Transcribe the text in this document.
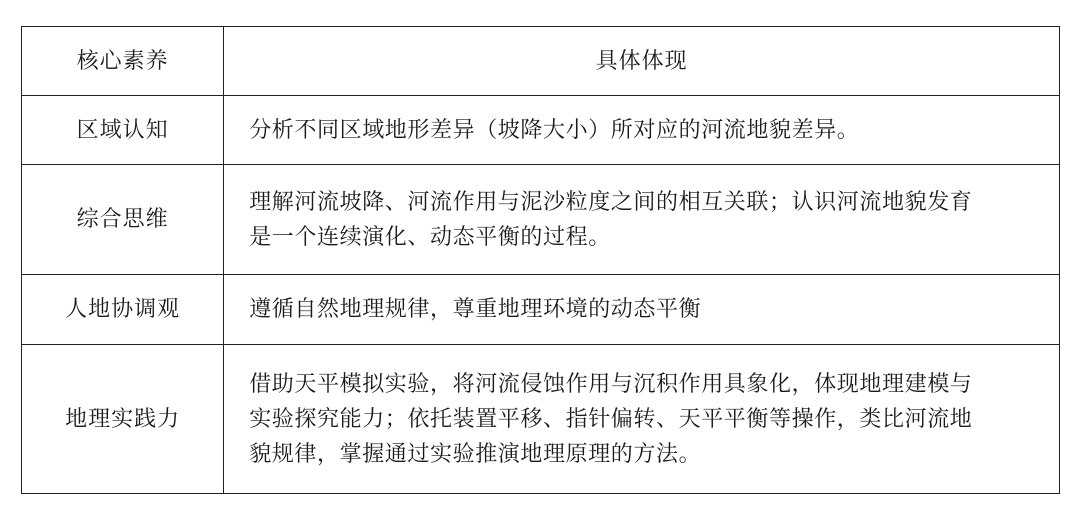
核心素养	具体体现
区域认知	分析不同区域地形差异（坡降大小）所对应的河流地貌差异。

综合思维	理解河流坡降、河流作用与泥沙粒度之间的相互关联；认识河流地貌发育
是一个连续演化、动态平衡的过程。

人地协调观	遵循自然地理规律，尊重地理环境的动态平衡

地理实践力	借助天平模拟实验，将河流侵蚀作用与沉积作用具象化，体现地理建模与
实验探究能力；依托装置平移、指针偏转、天平平衡等操作，类比河流地
貌规律，掌握通过实验推演地理原理的方法。
